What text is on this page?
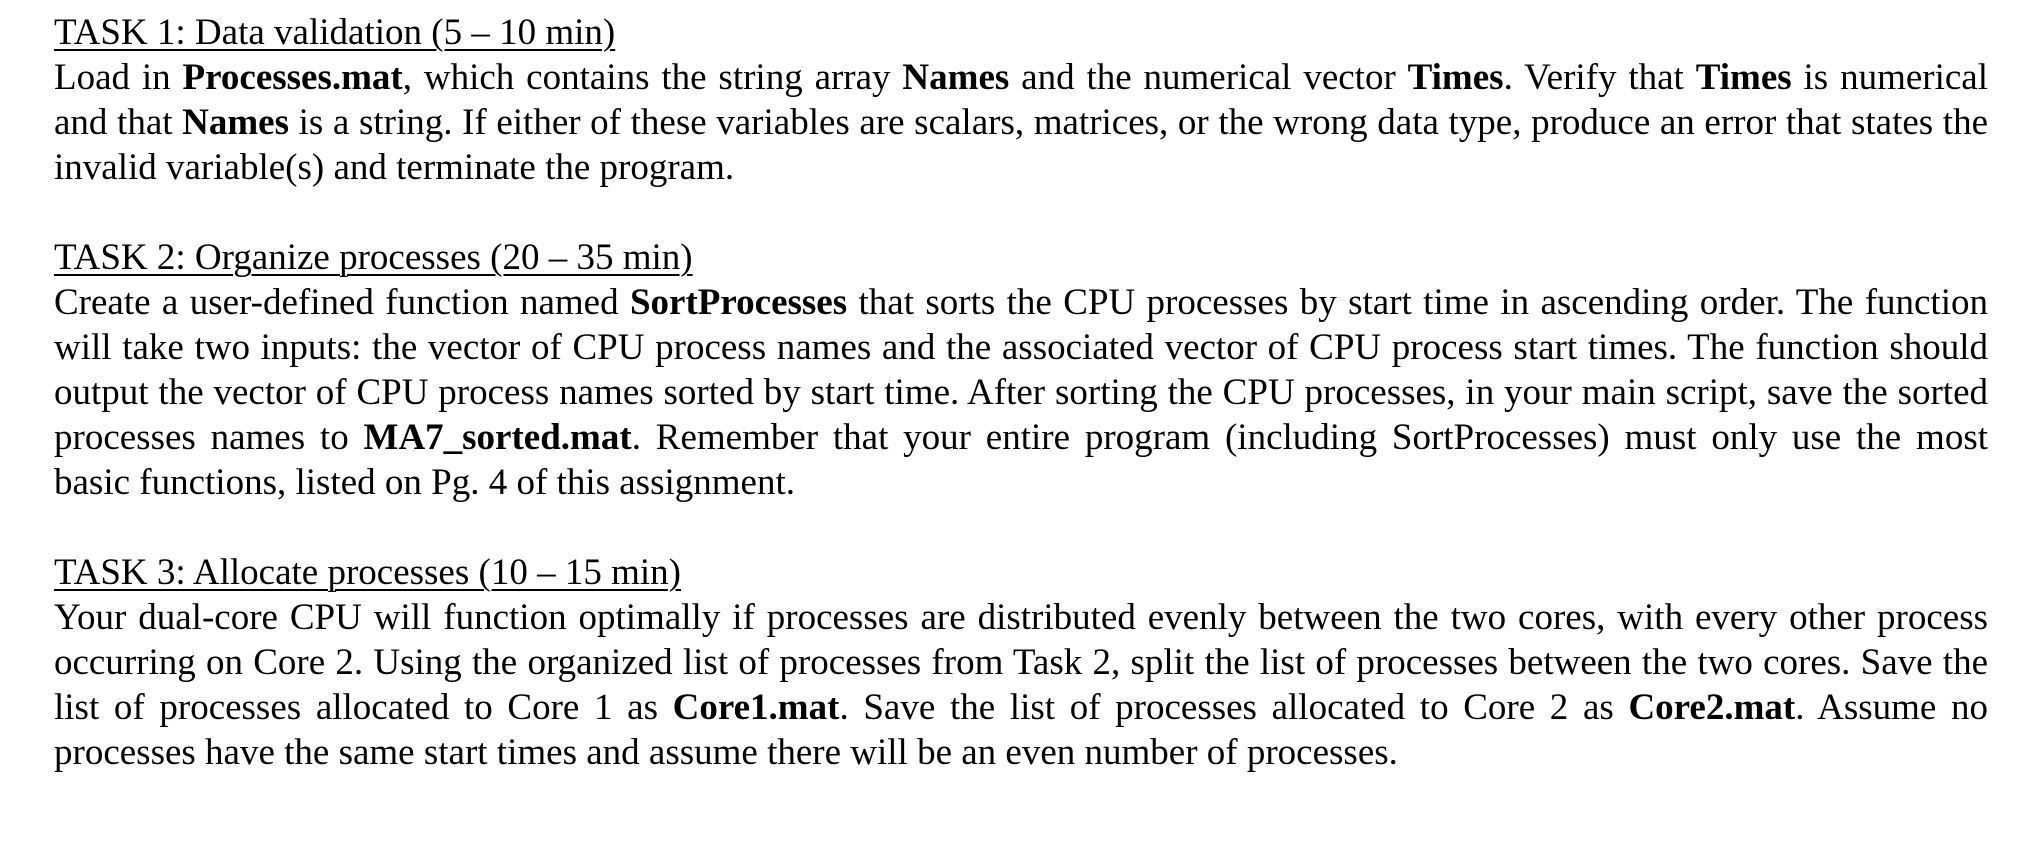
TASK 1: Data validation (5 – 10 min)

Load in Processes.mat, which contains the string array Names and the numerical vector Times. Verify that Times is numerical and that Names is a string. If either of these variables are scalars, matrices, or the wrong data type, produce an error that states the invalid variable(s) and terminate the program.

TASK 2: Organize processes (20 – 35 min)

Create a user-defined function named SortProcesses that sorts the CPU processes by start time in ascending order. The function will take two inputs: the vector of CPU process names and the associated vector of CPU process start times. The function should output the vector of CPU process names sorted by start time. After sorting the CPU processes, in your main script, save the sorted processes names to MA7_sorted.mat. Remember that your entire program (including SortProcesses) must only use the most basic functions, listed on Pg. 4 of this assignment.

TASK 3: Allocate processes (10 – 15 min)

Your dual-core CPU will function optimally if processes are distributed evenly between the two cores, with every other process occurring on Core 2. Using the organized list of processes from Task 2, split the list of processes between the two cores. Save the list of processes allocated to Core 1 as Core1.mat. Save the list of processes allocated to Core 2 as Core2.mat. Assume no processes have the same start times and assume there will be an even number of processes.
